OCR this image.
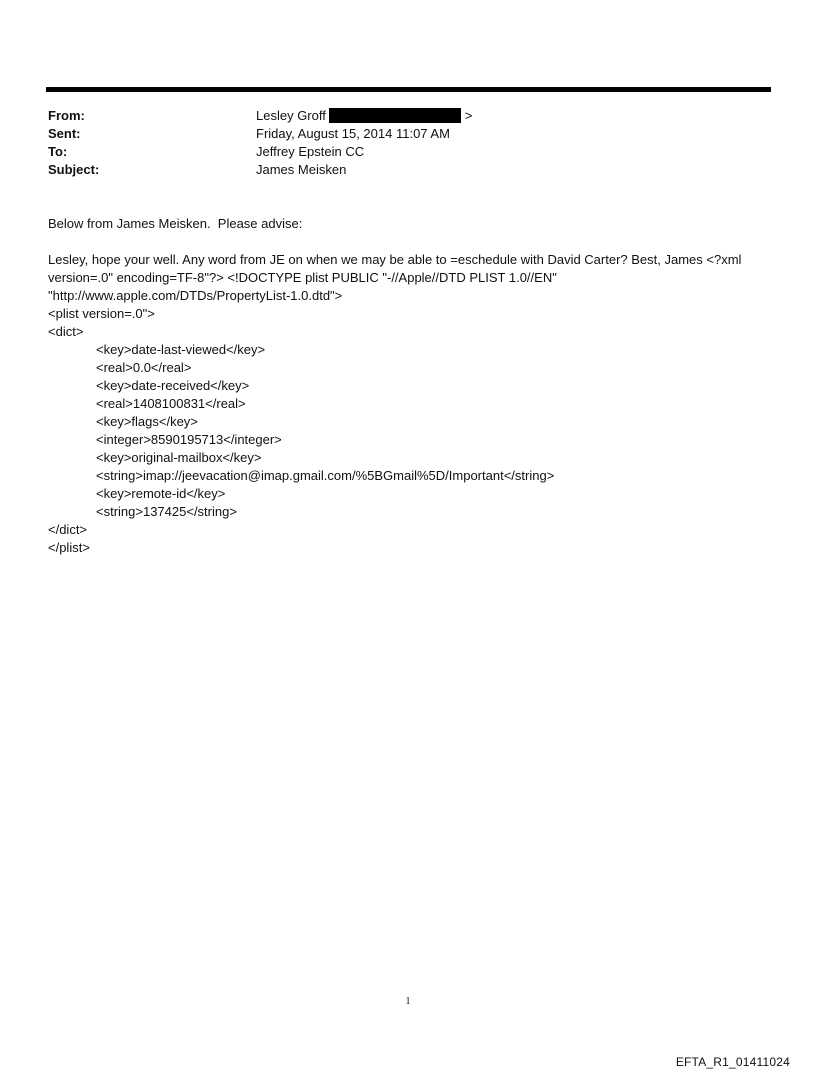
From:	Lesley Groff	>
Sent:	Friday, August 15, 2014 11:07 AM
To:	Jeffrey Epstein CC
Subject:	James Meisken
Below from James Meisken.  Please advise:
Lesley, hope your well. Any word from JE on when we may be able to =eschedule with David Carter? Best, James <?xml
version=.0" encoding=TF-8"?> <!DOCTYPE plist PUBLIC "-//Apple//DTD PLIST 1.0//EN"
"http://www.apple.com/DTDs/PropertyList-1.0.dtd">
<plist version=.0">
<dict>
<key>date-last-viewed</key>
<real>0.0</real>
<key>date-received</key>
<real>1408100831</real>
<key>flags</key>
<integer>8590195713</integer>
<key>original-mailbox</key>
<string>imap://jeevacation@imap.gmail.com/%5BGmail%5D/Important</string>
<key>remote-id</key>
<string>137425</string>
</dict>
</plist>
1
EFTA_R1_01411024
